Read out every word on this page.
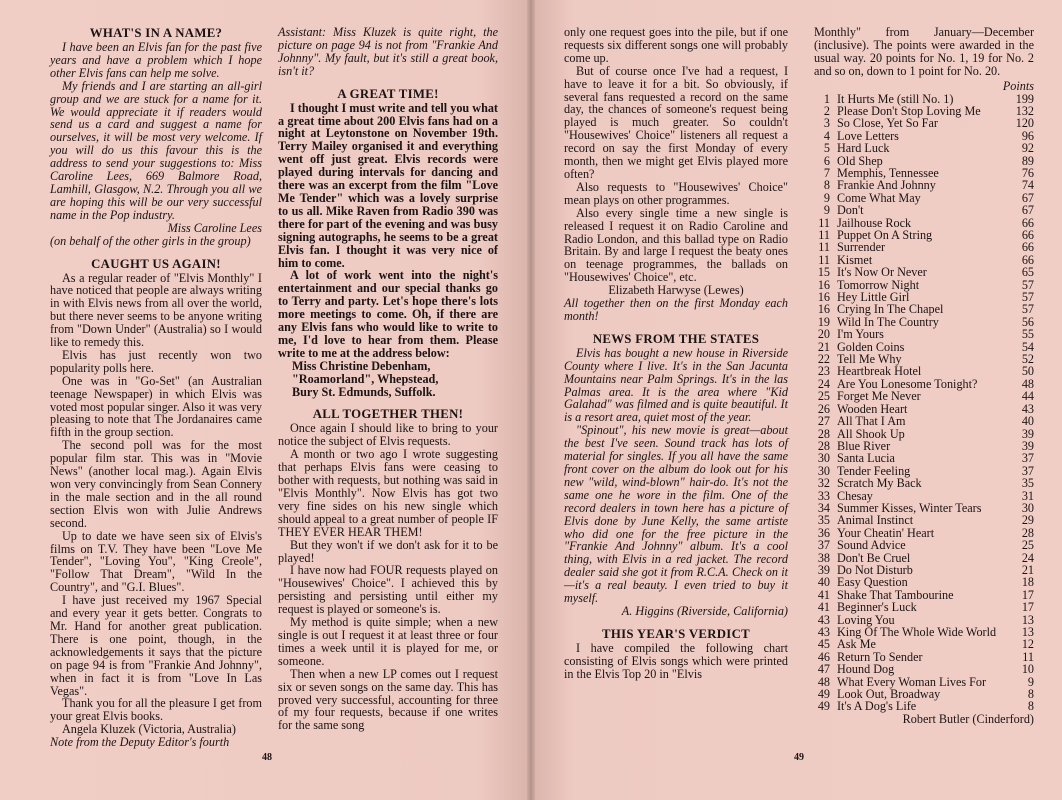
WHAT'S IN A NAME?

I have been an Elvis fan for the past five years and have a problem which I hope other Elvis fans can help me solve.

My friends and I are starting an all-girl group and we are stuck for a name for it. We would appreciate it if readers would send us a card and suggest a name for ourselves, it will be most very welcome. If you will do us this favour this is the address to send your suggestions to: Miss Caroline Lees, 669 Balmore Road, Lamhill, Glasgow, N.2. Through you all we are hoping this will be our very successful name in the Pop industry.

Miss Caroline Lees

(on behalf of the other girls in the group)

CAUGHT US AGAIN!

As a regular reader of "Elvis Monthly" I have noticed that people are always writing in with Elvis news from all over the world, but there never seems to be anyone writing from "Down Under" (Australia) so I would like to remedy this.

Elvis has just recently won two popularity polls here.

One was in "Go-Set" (an Australian teenage Newspaper) in which Elvis was voted most popular singer. Also it was very pleasing to note that The Jordanaires came fifth in the group section.

The second poll was for the most popular film star. This was in "Movie News" (another local mag.). Again Elvis won very convincingly from Sean Connery in the male section and in the all round section Elvis won with Julie Andrews second.

Up to date we have seen six of Elvis's films on T.V. They have been "Love Me Tender", "Loving You", "King Creole", "Follow That Dream", "Wild In the Country", and "G.I. Blues".

I have just received my 1967 Special and every year it gets better. Congrats to Mr. Hand for another great publication. There is one point, though, in the acknowledgements it says that the picture on page 94 is from "Frankie And Johnny", when in fact it is from "Love In Las Vegas".

Thank you for all the pleasure I get from your great Elvis books.

Angela Kluzek (Victoria, Australia)

Note from the Deputy Editor's fourth

Assistant: Miss Kluzek is quite right, the picture on page 94 is not from "Frankie And Johnny". My fault, but it's still a great book, isn't it?

A GREAT TIME!

I thought I must write and tell you what a great time about 200 Elvis fans had on a night at Leytonstone on November 19th. Terry Mailey organised it and everything went off just great. Elvis records were played during intervals for dancing and there was an excerpt from the film "Love Me Tender" which was a lovely surprise to us all. Mike Raven from Radio 390 was there for part of the evening and was busy signing autographs, he seems to be a great Elvis fan. I thought it was very nice of him to come.

A lot of work went into the night's entertainment and our special thanks go to Terry and party. Let's hope there's lots more meetings to come. Oh, if there are any Elvis fans who would like to write to me, I'd love to hear from them. Please write to me at the address below:

Miss Christine Debenham,

"Roamorland", Whepstead,

Bury St. Edmunds, Suffolk.

ALL TOGETHER THEN!

Once again I should like to bring to your notice the subject of Elvis requests.

A month or two ago I wrote suggesting that perhaps Elvis fans were ceasing to bother with requests, but nothing was said in "Elvis Monthly". Now Elvis has got two very fine sides on his new single which should appeal to a great number of people IF THEY EVER HEAR THEM!

But they won't if we don't ask for it to be played!

I have now had FOUR requests played on "Housewives' Choice". I achieved this by persisting and persisting until either my request is played or someone's is.

My method is quite simple; when a new single is out I request it at least three or four times a week until it is played for me, or someone.

Then when a new LP comes out I request six or seven songs on the same day. This has proved very successful, accounting for three of my four requests, because if one writes for the same song

48

only one request goes into the pile, but if one requests six different songs one will probably come up.

But of course once I've had a request, I have to leave it for a bit. So obviously, if several fans requested a record on the same day, the chances of someone's request being played is much greater. So couldn't "Housewives' Choice" listeners all request a record on say the first Monday of every month, then we might get Elvis played more often?

Also requests to "Housewives' Choice" mean plays on other programmes.

Also every single time a new single is released I request it on Radio Caroline and Radio London, and this ballad type on Radio Britain. By and large I request the beaty ones on teenage programmes, the ballads on "Housewives' Choice", etc.

Elizabeth Harwyse (Lewes)

All together then on the first Monday each month!

NEWS FROM THE STATES

Elvis has bought a new house in Riverside County where I live. It's in the San Jacunta Mountains near Palm Springs. It's in the las Palmas area. It is the area where "Kid Galahad" was filmed and is quite beautiful. It is a resort area, quiet most of the year.

"Spinout", his new movie is great—about the best I've seen. Sound track has lots of material for singles. If you all have the same front cover on the album do look out for his new "wild, wind-blown" hair-do. It's not the same one he wore in the film. One of the record dealers in town here has a picture of Elvis done by June Kelly, the same artiste who did one for the free picture in the "Frankie And Johnny" album. It's a cool thing, with Elvis in a red jacket. The record dealer said she got it from R.C.A. Check on it—it's a real beauty. I even tried to buy it myself.

A. Higgins (Riverside, California)

THIS YEAR'S VERDICT

I have compiled the following chart consisting of Elvis songs which were printed in the Elvis Top 20 in "Elvis

Monthly" from January—December (inclusive). The points were awarded in the usual way. 20 points for No. 1, 19 for No. 2 and so on, down to 1 point for No. 20.

Points

1	It Hurts Me (still No. 1)	199
2	Please Don't Stop Loving Me	132
3	So Close, Yet So Far	120
4	Love Letters	96
5	Hard Luck	92
6	Old Shep	89
7	Memphis, Tennessee	76
8	Frankie And Johnny	74
9	Come What May	67
9	Don't	67
11	Jailhouse Rock	66
11	Puppet On A String	66
11	Surrender	66
11	Kismet	66
15	It's Now Or Never	65
16	Tomorrow Night	57
16	Hey Little Girl	57
16	Crying In The Chapel	57
19	Wild In The Country	56
20	I'm Yours	55
21	Golden Coins	54
22	Tell Me Why	52
23	Heartbreak Hotel	50
24	Are You Lonesome Tonight?	48
25	Forget Me Never	44
26	Wooden Heart	43
27	All That I Am	40
28	All Shook Up	39
28	Blue River	39
30	Santa Lucia	37
30	Tender Feeling	37
32	Scratch My Back	35
33	Chesay	31
34	Summer Kisses, Winter Tears	30
35	Animal Instinct	29
36	Your Cheatin' Heart	28
37	Sound Advice	25
38	Don't Be Cruel	24
39	Do Not Disturb	21
40	Easy Question	18
41	Shake That Tambourine	17
41	Beginner's Luck	17
43	Loving You	13
43	King Of The Whole Wide World	13
45	Ask Me	12
46	Return To Sender	11
47	Hound Dog	10
48	What Every Woman Lives For	9
49	Look Out, Broadway	8
49	It's A Dog's Life	8

Robert Butler (Cinderford)

49
